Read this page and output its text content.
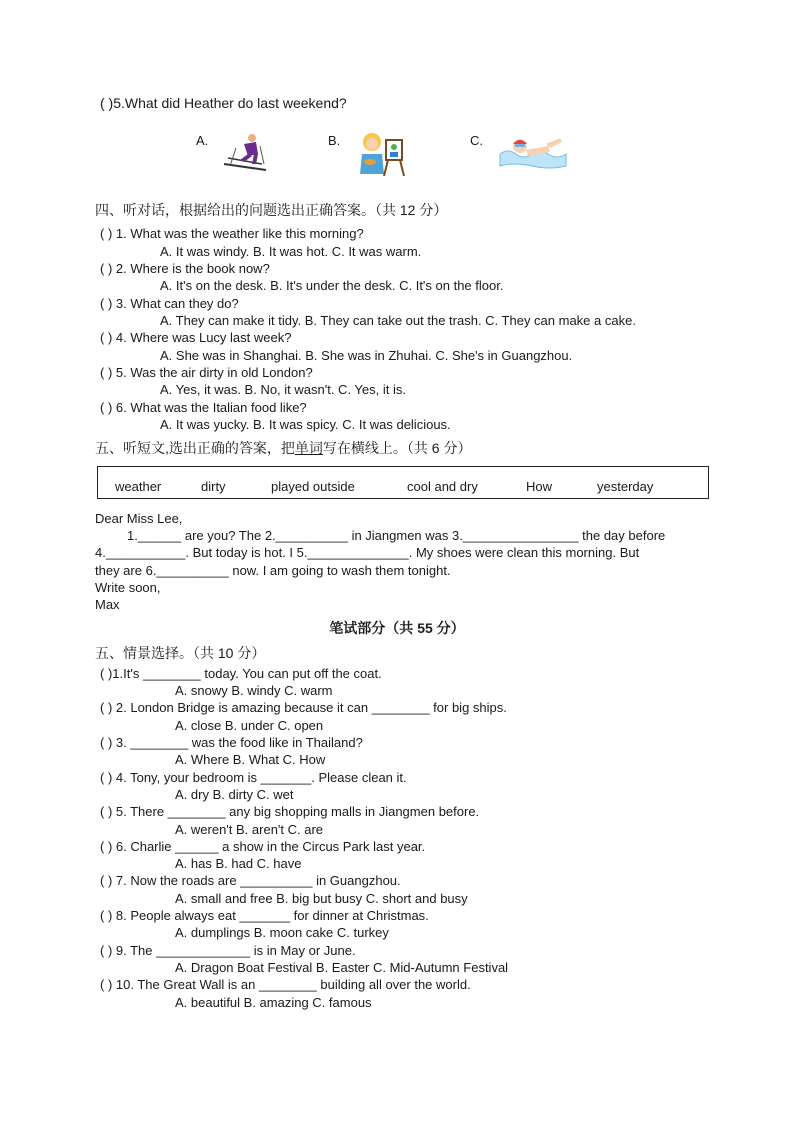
( )5.What did Heather do last weekend?
A.	B.	C.
四、听对话，根据给出的问题选出正确答案。（共 12 分）
( ) 1. What was the weather like this morning?
A. It was windy. B. It was hot. C. It was warm.
( ) 2. Where is the book now?
A. It's on the desk. B. It's under the desk. C. It's on the floor.
( ) 3. What can they do?
A. They can make it tidy. B. They can take out the trash. C. They can make a cake.
( ) 4. Where was Lucy last week?
A. She was in Shanghai. B. She was in Zhuhai. C. She's in Guangzhou.
( ) 5. Was the air dirty in old London?
A. Yes, it was. B. No, it wasn't. C. Yes, it is.
( ) 6. What was the Italian food like?
A. It was yucky. B. It was spicy. C. It was delicious.
五、听短文,选出正确的答案，把单词写在横线上。（共 6 分）
weather	dirty	played outside	cool and dry	How	yesterday
Dear Miss Lee,
1.______ are you? The 2.__________ in Jiangmen was 3.________________ the day before
4.___________. But today is hot. I 5.______________. My shoes were clean this morning. But
they are 6.__________ now. I am going to wash them tonight.
Write soon,
Max
笔试部分（共 55 分）
五、情景选择。（共 10 分）
( )1.It's ________ today. You can put off the coat.
A. snowy B. windy C. warm
( ) 2. London Bridge is amazing because it can ________ for big ships.
A. close B. under C. open
( ) 3. ________ was the food like in Thailand?
A. Where B. What C. How
( ) 4. Tony, your bedroom is _______. Please clean it.
A. dry B. dirty C. wet
( ) 5. There ________ any big shopping malls in Jiangmen before.
A. weren't B. aren't C. are
( ) 6. Charlie ______ a show in the Circus Park last year.
A. has B. had C. have
( ) 7. Now the roads are __________ in Guangzhou.
A. small and free B. big but busy C. short and busy
( ) 8. People always eat _______ for dinner at Christmas.
A. dumplings B. moon cake C. turkey
( ) 9. The _____________ is in May or June.
A. Dragon Boat Festival B. Easter C. Mid-Autumn Festival
( ) 10. The Great Wall is an ________ building all over the world.
A. beautiful B. amazing C. famous
